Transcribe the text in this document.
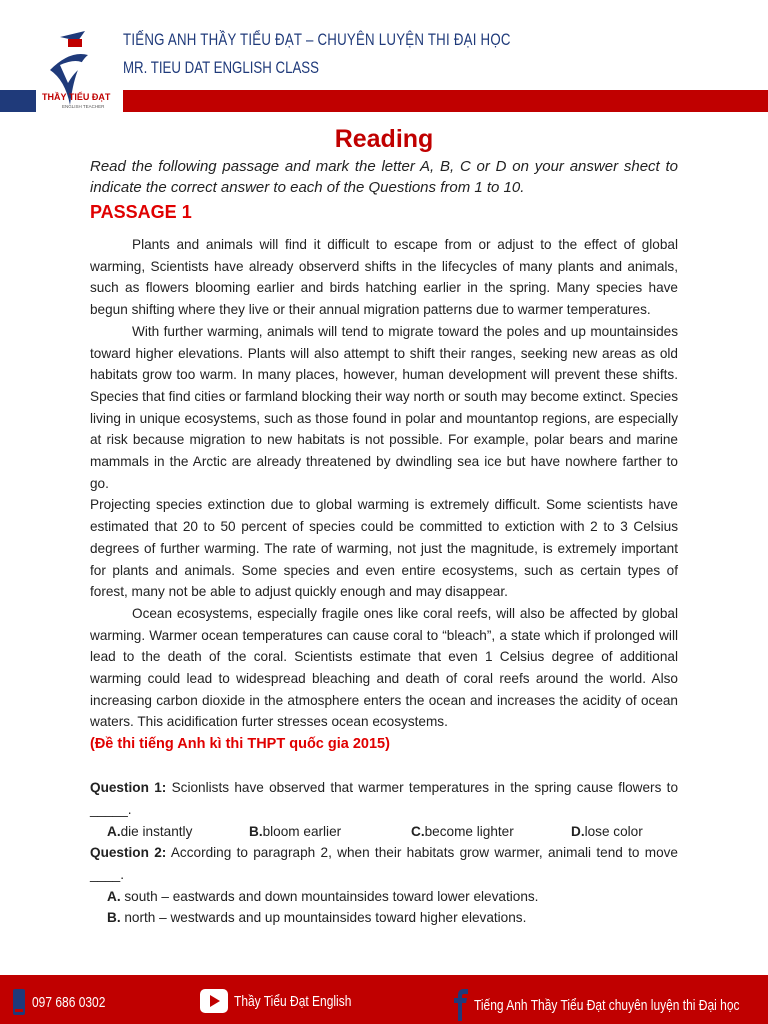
THẦY TIỂU ĐẠT
ENGLISH TEACHER
TIẾNG ANH THẦY TIỂU ĐẠT – CHUYÊN LUYỆN THI ĐẠI HỌC
MR. TIEU DAT ENGLISH CLASS
Reading
Read the following passage and mark the letter A, B, C or D on your answer shect to indicate the correct answer to each of the Questions from 1 to 10.
PASSAGE 1

Plants and animals will find it difficult to escape from or adjust to the effect of global warming, Scientists have already observerd shifts in the lifecycles of many plants and animals, such as flowers blooming earlier and birds hatching earlier in the spring. Many species have begun shifting where they live or their annual migration patterns due to warmer temperatures.

With further warming, animals will tend to migrate toward the poles and up mountainsides toward higher elevations. Plants will also attempt to shift their ranges, seeking new areas as old habitats grow too warm. In many places, however, human development will prevent these shifts. Species that find cities or farmland blocking their way north or south may become extinct. Species living in unique ecosystems, such as those found in polar and mountantop regions, are especially at risk because migration to new habitats is not possible. For example, polar bears and marine mammals in the Arctic are already threatened by dwindling sea ice but have nowhere farther to go.

Projecting species extinction due to global warming is extremely difficult. Some scientists have estimated that 20 to 50 percent of species could be committed to extiction with 2 to 3 Celsius degrees of further warming. The rate of warming, not just the magnitude, is extremely important for plants and animals. Some species and even entire ecosystems, such as certain types of forest, many not be able to adjust quickly enough and may disappear.

Ocean ecosystems, especially fragile ones like coral reefs, will also be affected by global warming. Warmer ocean temperatures can cause coral to “bleach”, a state which if prolonged will lead to the death of the coral. Scientists estimate that even 1 Celsius degree of additional warming could lead to widespread bleaching and death of coral reefs around the world. Also increasing carbon dioxide in the atmosphere enters the ocean and increases the acidity of ocean waters. This acidification furter stresses ocean ecosystems.

(Đề thi tiếng Anh kì thi THPT quốc gia 2015)
Question 1: Scionlists have observed that warmer temperatures in the spring cause flowers to _____.
A.die instantly	B.bloom earlier	C.become lighter	D.lose color
Question 2: According to paragraph 2, when their habitats grow warmer, animali tend to move ____.
A. south – eastwards and down mountainsides toward lower elevations.
B. north – westwards and up mountainsides toward higher elevations.
097 686 0302	Thầy Tiểu Đạt English	Tiếng Anh Thầy Tiểu Đạt chuyên luyện thi Đại học
